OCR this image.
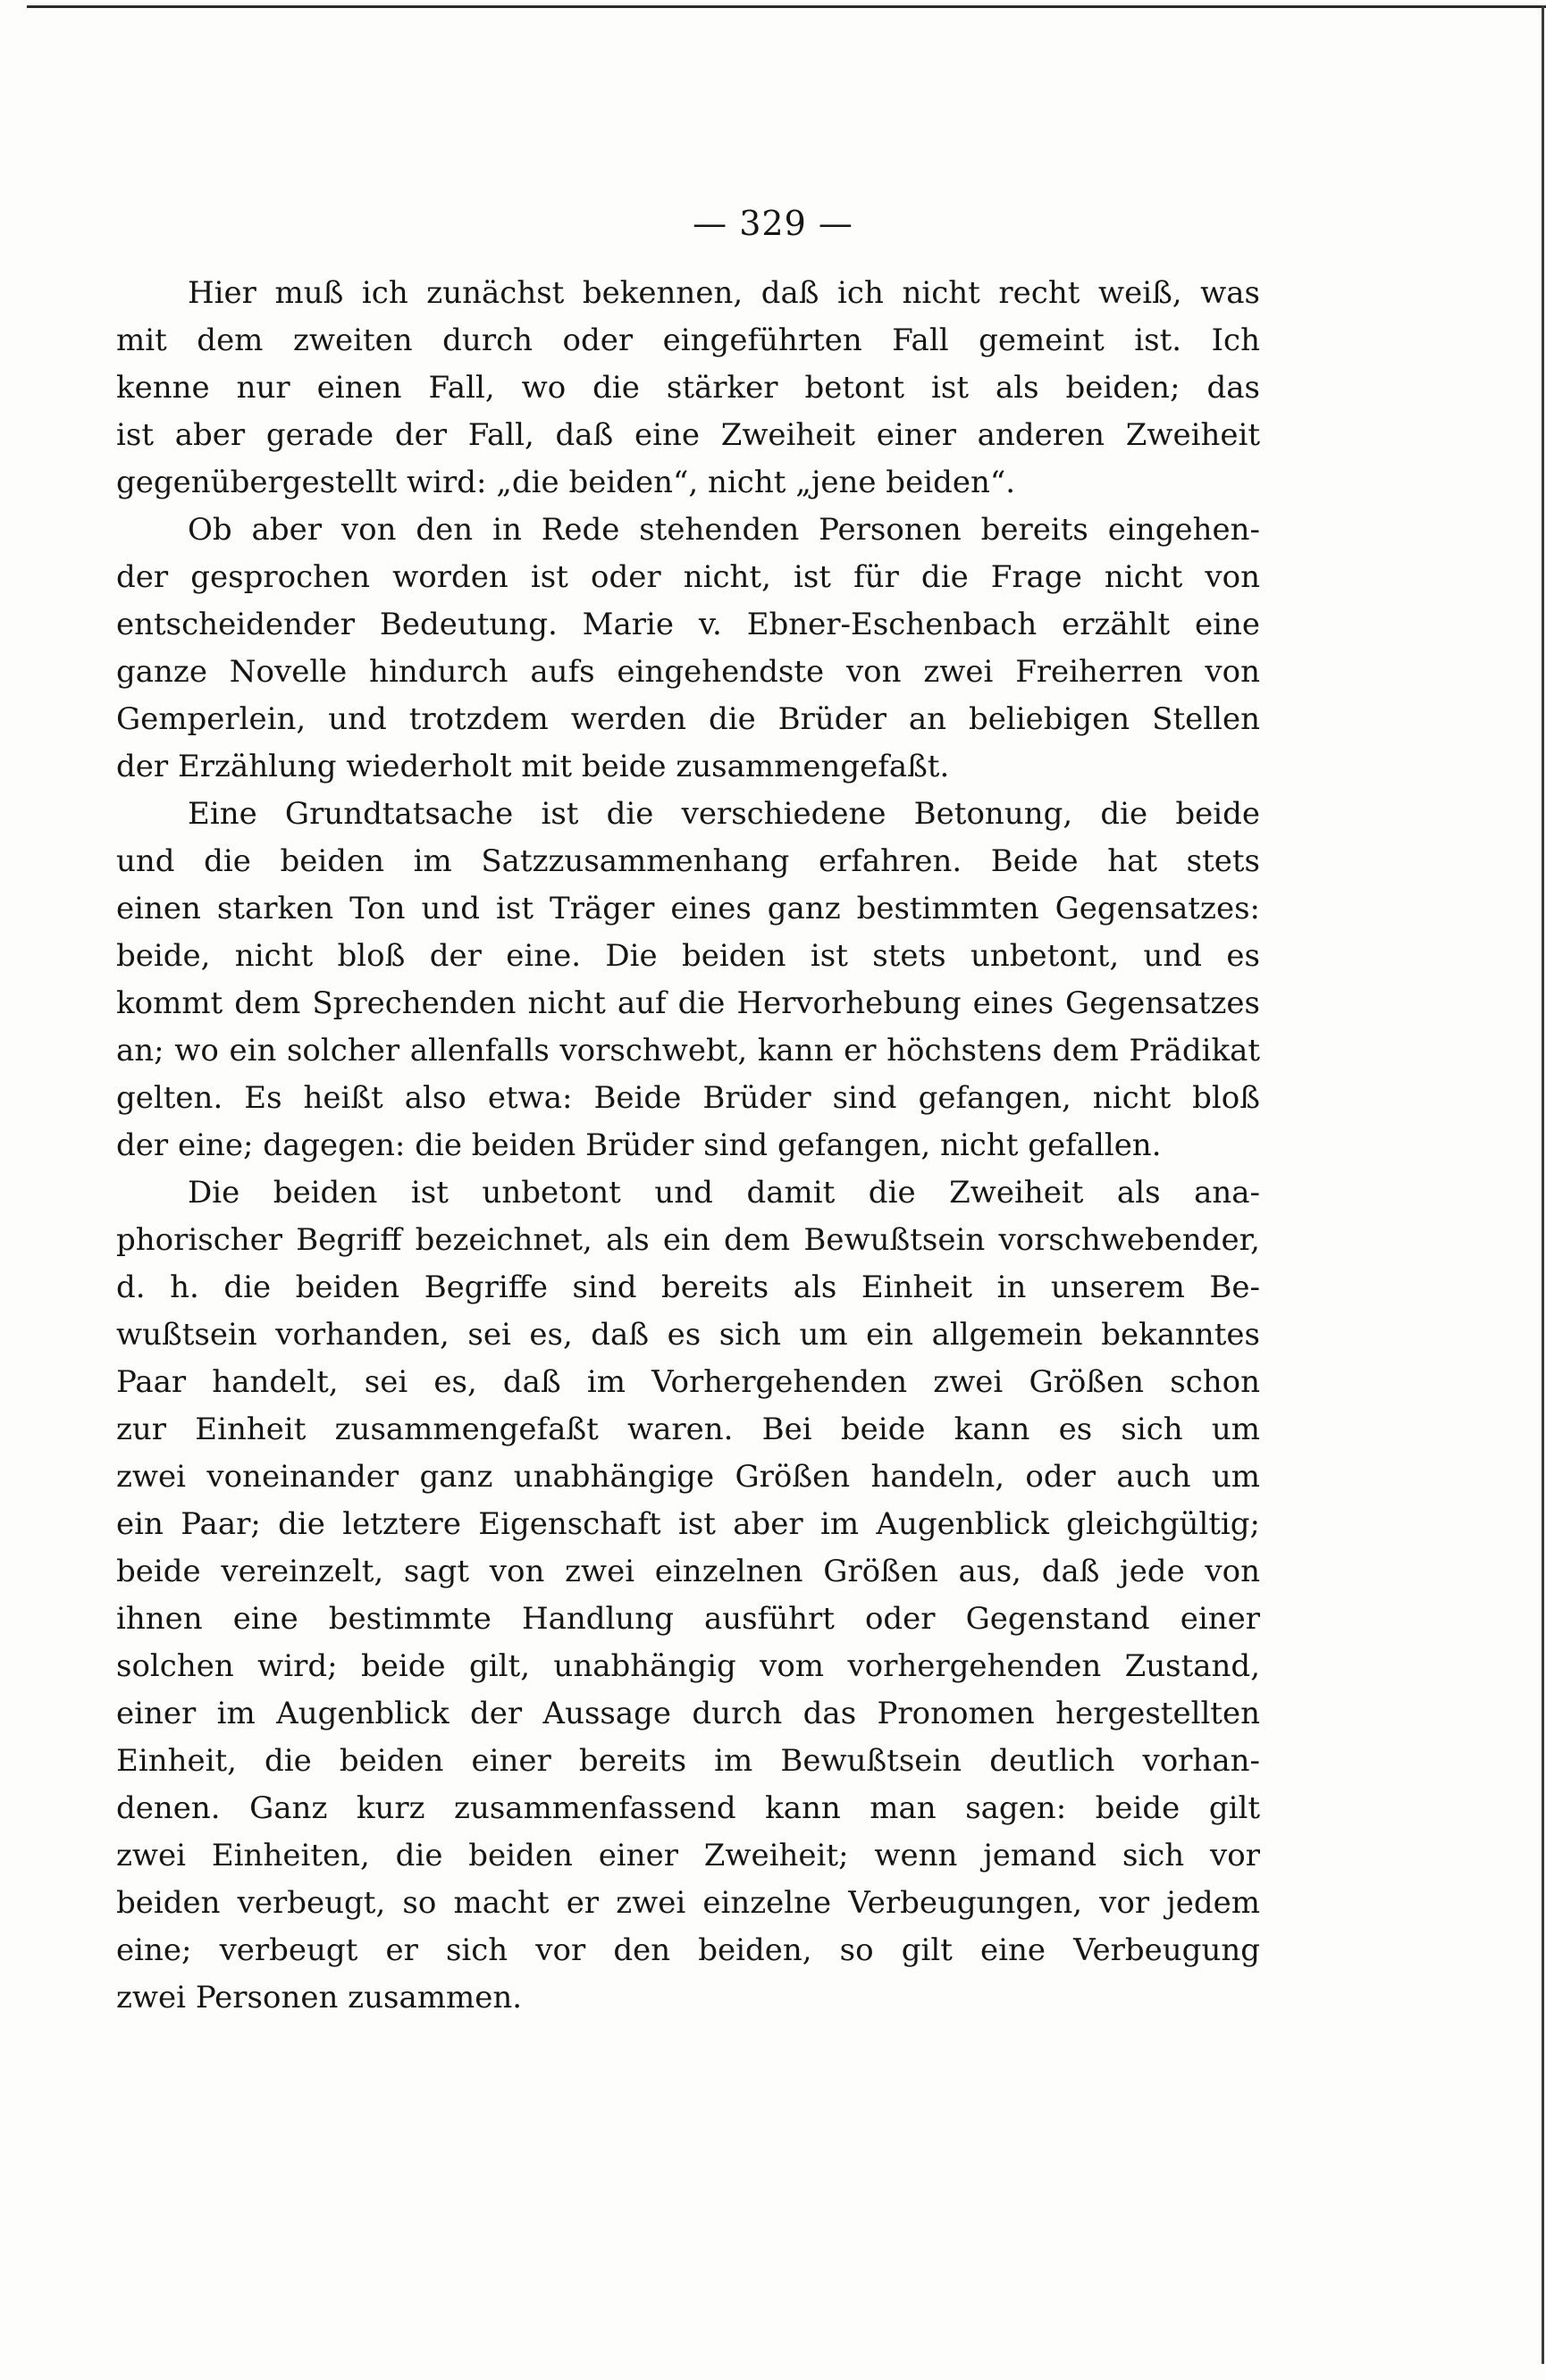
— 329 —
Hier muß ich zunächst bekennen, daß ich nicht recht weiß, was
mit dem zweiten durch oder eingeführten Fall gemeint ist. Ich
kenne nur einen Fall, wo die stärker betont ist als beiden; das
ist aber gerade der Fall, daß eine Zweiheit einer anderen Zweiheit
gegenübergestellt wird: „die beiden“, nicht „jene beiden“.
Ob aber von den in Rede stehenden Personen bereits eingehen-
der gesprochen worden ist oder nicht, ist für die Frage nicht von
entscheidender Bedeutung. Marie v. Ebner-Eschenbach erzählt eine
ganze Novelle hindurch aufs eingehendste von zwei Freiherren von
Gemperlein, und trotzdem werden die Brüder an beliebigen Stellen
der Erzählung wiederholt mit beide zusammengefaßt.
Eine Grundtatsache ist die verschiedene Betonung, die beide
und die beiden im Satzzusammenhang erfahren. Beide hat stets
einen starken Ton und ist Träger eines ganz bestimmten Gegensatzes:
beide, nicht bloß der eine. Die beiden ist stets unbetont, und es
kommt dem Sprechenden nicht auf die Hervorhebung eines Gegensatzes
an; wo ein solcher allenfalls vorschwebt, kann er höchstens dem Prädikat
gelten. Es heißt also etwa: Beide Brüder sind gefangen, nicht bloß
der eine; dagegen: die beiden Brüder sind gefangen, nicht gefallen.
Die beiden ist unbetont und damit die Zweiheit als ana-
phorischer Begriff bezeichnet, als ein dem Bewußtsein vorschwebender,
d. h. die beiden Begriffe sind bereits als Einheit in unserem Be-
wußtsein vorhanden, sei es, daß es sich um ein allgemein bekanntes
Paar handelt, sei es, daß im Vorhergehenden zwei Größen schon
zur Einheit zusammengefaßt waren. Bei beide kann es sich um
zwei voneinander ganz unabhängige Größen handeln, oder auch um
ein Paar; die letztere Eigenschaft ist aber im Augenblick gleichgültig;
beide vereinzelt, sagt von zwei einzelnen Größen aus, daß jede von
ihnen eine bestimmte Handlung ausführt oder Gegenstand einer
solchen wird; beide gilt, unabhängig vom vorhergehenden Zustand,
einer im Augenblick der Aussage durch das Pronomen hergestellten
Einheit, die beiden einer bereits im Bewußtsein deutlich vorhan-
denen. Ganz kurz zusammenfassend kann man sagen: beide gilt
zwei Einheiten, die beiden einer Zweiheit; wenn jemand sich vor
beiden verbeugt, so macht er zwei einzelne Verbeugungen, vor jedem
eine; verbeugt er sich vor den beiden, so gilt eine Verbeugung
zwei Personen zusammen.
